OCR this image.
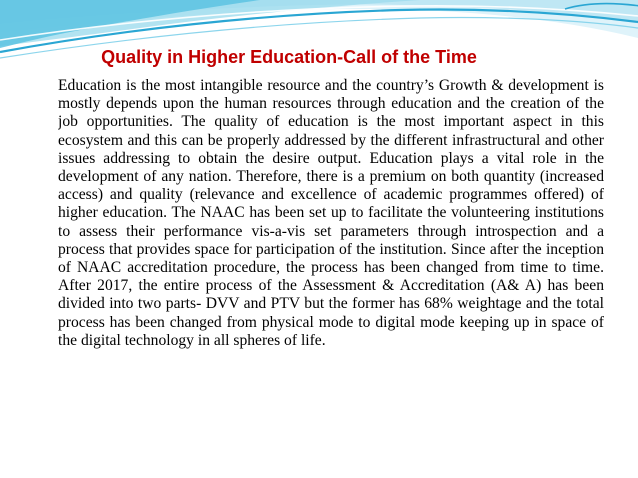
Quality in Higher Education-Call of the Time

Education is the most intangible resource and the country’s Growth & development is mostly depends upon the human resources through education and the creation of the job opportunities. The quality of education is the most important aspect in this ecosystem and this can be properly addressed by the different infrastructural and other issues addressing to obtain the desire output. Education plays a vital role in the development of any nation. Therefore, there is a premium on both quantity (increased access) and quality (relevance and excellence of academic programmes offered) of higher education. The NAAC has been set up to facilitate the volunteering institutions to assess their performance vis-a-vis set parameters through introspection and a process that provides space for participation of the institution. Since after the inception of NAAC accreditation procedure, the process has been changed from time to time. After 2017, the entire process of the Assessment & Accreditation (A& A) has been divided into two parts- DVV and PTV but the former has 68% weightage and the total process has been changed from physical mode to digital mode keeping up in space of the digital technology in all spheres of life.
